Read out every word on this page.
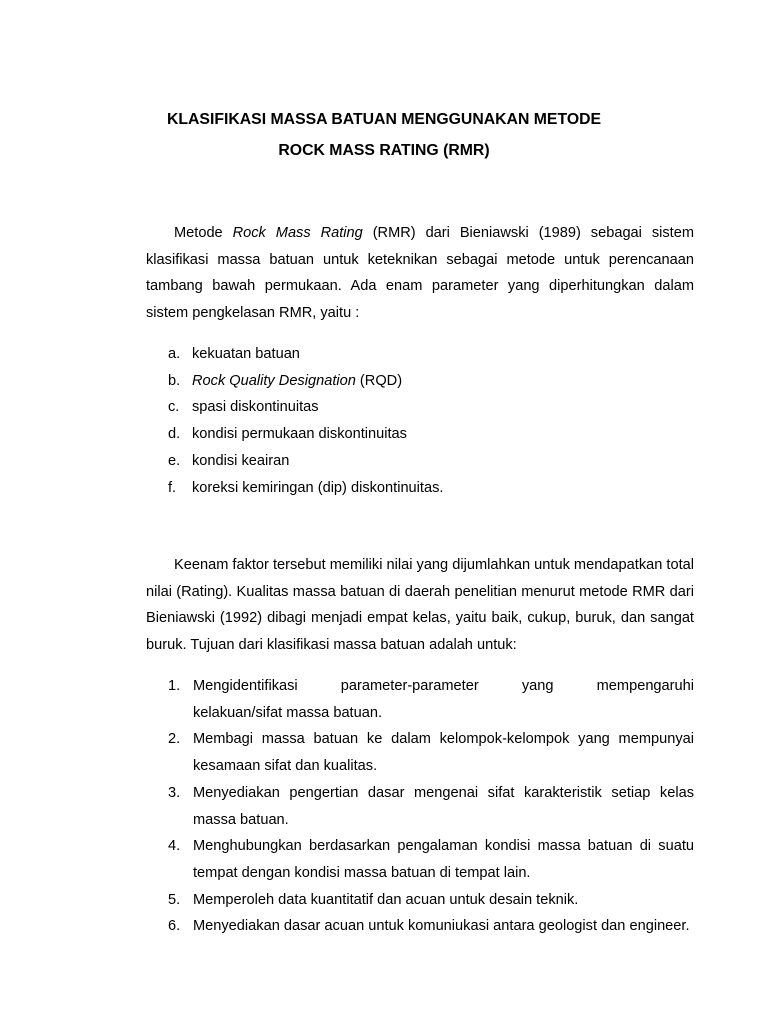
KLASIFIKASI MASSA BATUAN MENGGUNAKAN METODE
ROCK MASS RATING (RMR)

Metode Rock Mass Rating (RMR) dari Bieniawski (1989) sebagai sistem klasifikasi massa batuan untuk keteknikan sebagai metode untuk perencanaan tambang bawah permukaan. Ada enam parameter yang diperhitungkan dalam sistem pengkelasan RMR, yaitu :

a. kekuatan batuan
b. Rock Quality Designation (RQD)
c. spasi diskontinuitas
d. kondisi permukaan diskontinuitas
e. kondisi keairan
f. koreksi kemiringan (dip) diskontinuitas.

Keenam faktor tersebut memiliki nilai yang dijumlahkan untuk mendapatkan total nilai (Rating). Kualitas massa batuan di daerah penelitian menurut metode RMR dari Bieniawski (1992) dibagi menjadi empat kelas, yaitu baik, cukup, buruk, dan sangat buruk. Tujuan dari klasifikasi massa batuan adalah untuk:

1. Mengidentifikasi parameter-parameter yang mempengaruhi
kelakuan/sifat massa batuan.
2. Membagi massa batuan ke dalam kelompok-kelompok yang mempunyai kesamaan sifat dan kualitas.
3. Menyediakan pengertian dasar mengenai sifat karakteristik setiap kelas massa batuan.
4. Menghubungkan berdasarkan pengalaman kondisi massa batuan di suatu tempat dengan kondisi massa batuan di tempat lain.
5. Memperoleh data kuantitatif dan acuan untuk desain teknik.
6. Menyediakan dasar acuan untuk komuniukasi antara geologist dan engineer.
